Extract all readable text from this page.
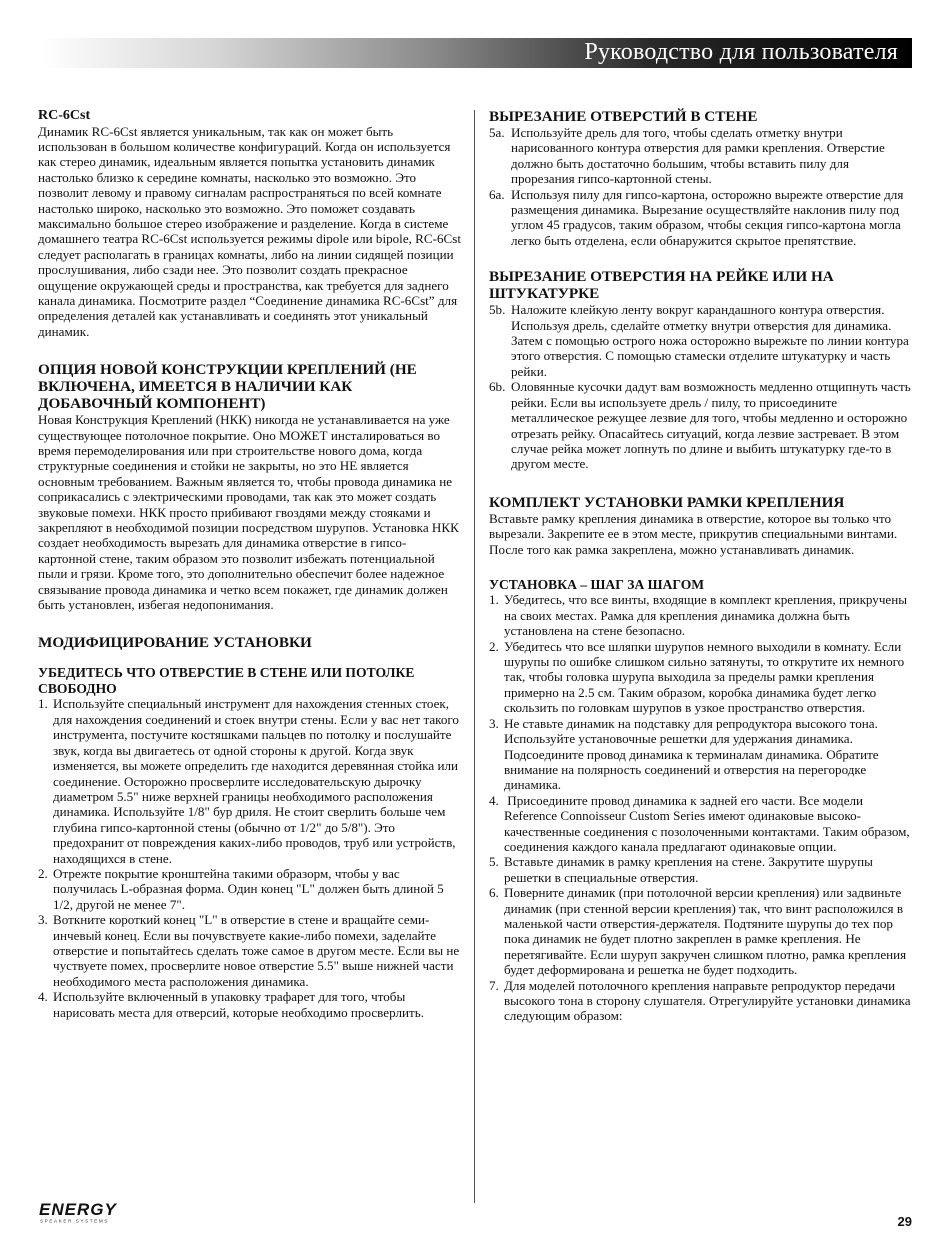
Руководство для пользователя
RC-6Cst

Динамик RC-6Cst является уникальным, так как он может быть использован в большом количестве конфигураций. Когда он используется как стерео динамик, идеальным является попытка установить динамик настолько близко к середине комнаты, насколько это возможно. Это позволит левому и правому сигналам распространяться по всей комнате настолько широко, насколько это возможно. Это поможет создавать максимально большое стерео изображение и разделение. Когда в системе домашнего театра RC-6Cst используется режимы dipole или bipole, RC-6Cst следует располагать в границах комнаты, либо на линии сидящей позиции прослушивания, либо сзади нее. Это позволит создать прекрасное ощущение окружающей среды и пространства, как требуется для заднего канала динамика. Посмотрите раздел “Соединение динамика RC-6Cst” для определения деталей как устанавливать и соединять этот уникальный динамик.

ОПЦИЯ НОВОЙ КОНСТРУКЦИИ КРЕПЛЕНИЙ (НЕ ВКЛЮЧЕНА, ИМЕЕТСЯ В НАЛИЧИИ КАК ДОБАВОЧНЫЙ КОМПОНЕНТ)

Новая Конструкция Креплений (НКК) никогда не устанавливается на уже существующее потолочное покрытие. Оно МОЖЕТ инсталироваться во время перемоделирования или при строительстве нового дома, когда структурные соединения и стойки не закрыты, но это НЕ является основным требованием. Важным является то, чтобы провода динамика не соприкасались с электрическими проводами, так как это может создать звуковые помехи. НКК просто прибивают гвоздями между стояками и закрепляют в необходимой позиции посредством шурупов. Установка НКК создает необходимость вырезать для динамика отверстие в гипсо-картонной стене, таким образом это позволит избежать потенциальной пыли и грязи. Кроме того, это дополнительно обеспечит более надежное связывание провода динамика и четко всем покажет, где динамик должен быть установлен, избегая недопонимания.

МОДИФИЦИРОВАНИЕ УСТАНОВКИ
УБЕДИТЕСЬ ЧТО ОТВЕРСТИЕ В СТЕНЕ ИЛИ ПОТОЛКЕ СВОБОДНО
1. Используйте специальный инструмент для нахождения стенных стоек, для нахождения соединений и стоек внутри стены. Если у вас нет такого инструмента, постучите костяшками пальцев по потолку и послушайте звук, когда вы двигаетесь от одной стороны к другой. Когда звук изменяется, вы можете определить где находится деревянная стойка или соединение. Осторожно просверлите исследовательскую дырочку диаметром 5.5" ниже верхней границы необходимого расположения динамика. Используйте 1/8" бур дриля. Не стоит сверлить больше чем глубина гипсо-картонной стены (обычно от 1/2" до 5/8"). Это предохранит от повреждения каких-либо проводов, труб или устройств, находящихся в стене.
2. Отрежте покрытие кронштейна такими образорм, чтобы у вас получилась L-образная форма. Один конец "L" должен быть длиной 5 1/2, другой не менее 7".
3. Воткните короткий конец "L" в отверстие в стене и вращайте семи-инчевый конец. Если вы почувствуете какие-либо помехи, заделайте отверстие и попытайтесь сделать тоже самое в другом месте. Если вы не чуствуете помех, просверлите новое отверстие 5.5" выше нижней части необходимого места расположения динамика.
4. Используйте включенный в упаковку трафарет для того, чтобы нарисовать места для отверсий, которые необходимо просверлить.
ВЫРЕЗАНИЕ ОТВЕРСТИЙ В СТЕНЕ
5a. Используйте дрель для того, чтобы сделать отметку внутри нарисованного контура отверстия для рамки крепления. Отверстие должно быть достаточно большим, чтобы вставить пилу для прорезания гипсо-картонной стены.
6a. Используя пилу для гипсо-картона, осторожно вырежте отверстие для размещения динамика. Вырезание осуществляйте наклонив пилу под углом 45 градусов, таким образом, чтобы секция гипсо-картона могла легко быть отделена, если обнаружится скрытое препятствие.
ВЫРЕЗАНИЕ ОТВЕРСТИЯ НА РЕЙКЕ ИЛИ НА ШТУКАТУРКЕ
5b. Наложите клейкую ленту вокруг карандашного контура отверстия. Используя дрель, сделайте отметку внутри отверстия для динамика. Затем с помощью острого ножа осторожно вырежьте по линии контура этого отверстия. С помощью стамески отделите штукатурку и часть рейки.
6b. Оловянные кусочки дадут вам возможность медленно отщипнуть часть рейки. Если вы используете дрель / пилу, то присоедините металлическое режущее лезвие для того, чтобы медленно и осторожно отрезать рейку. Опасайтесь ситуаций, когда лезвие застревает. В этом случае рейка может лопнуть по длине и выбить штукатурку где-то в другом месте.
КОМПЛЕКТ УСТАНОВКИ РАМКИ КРЕПЛЕНИЯ

Вставьте рамку крепления динамика в отверстие, которое вы только что вырезали. Закрепите ее в этом месте, прикрутив специальными винтами. После того как рамка закреплена, можно устанавливать динамик.

УСТАНОВКА – ШАГ ЗА ШАГОМ
1. Убедитесь, что все винты, входящие в комплект крепления, прикручены на своих местах. Рамка для крепления динамика должна быть установлена на стене безопасно.
2. Убедитесь что все шляпки шурупов немного выходили в комнату. Если шурупы по ошибке слишком сильно затянуты, то открутите их немного так, чтобы головка шурупа выходила за пределы рамки крепления примерно на 2.5 см. Таким образом, коробка динамика будет легко скользить по головкам шурупов в узкое пространство отверстия.
3. Не ставьте динамик на подставку для репродуктора высокого тона. Используйте установочные решетки для удержания динамика. Подсоедините провод динамика к терминалам динамика. Обратите внимание на полярность соединений и отверстия на перегородке динамика.
4. Присоедините провод динамика к задней его части. Все модели Reference Connoisseur Custom Series имеют одинаковые высоко-качественные соединения с позолоченными контактами. Таким образом, соединения каждого канала предлагают одинаковые опции.
5. Вставьте динамик в рамку крепления на стене. Закрутите шурупы решетки в специальные отверстия.
6. Поверните динамик (при потолочной версии крепления) или задвиньте динамик (при стенной версии крепления) так, что винт расположился в маленькой части отверстия-держателя. Подтяните шурупы до тех пор пока динамик не будет плотно закреплен в рамке крепления. Не перетягивайте. Если шуруп закручен слишком плотно, рамка крепления будет деформирована и решетка не будет подходить.
7. Для моделей потолочного крепления направьте репродуктор передачи высокого тона в сторону слушателя. Отрегулируйте установки динамика следующим образом:
ENERGY
SPEAKER SYSTEMS	29
